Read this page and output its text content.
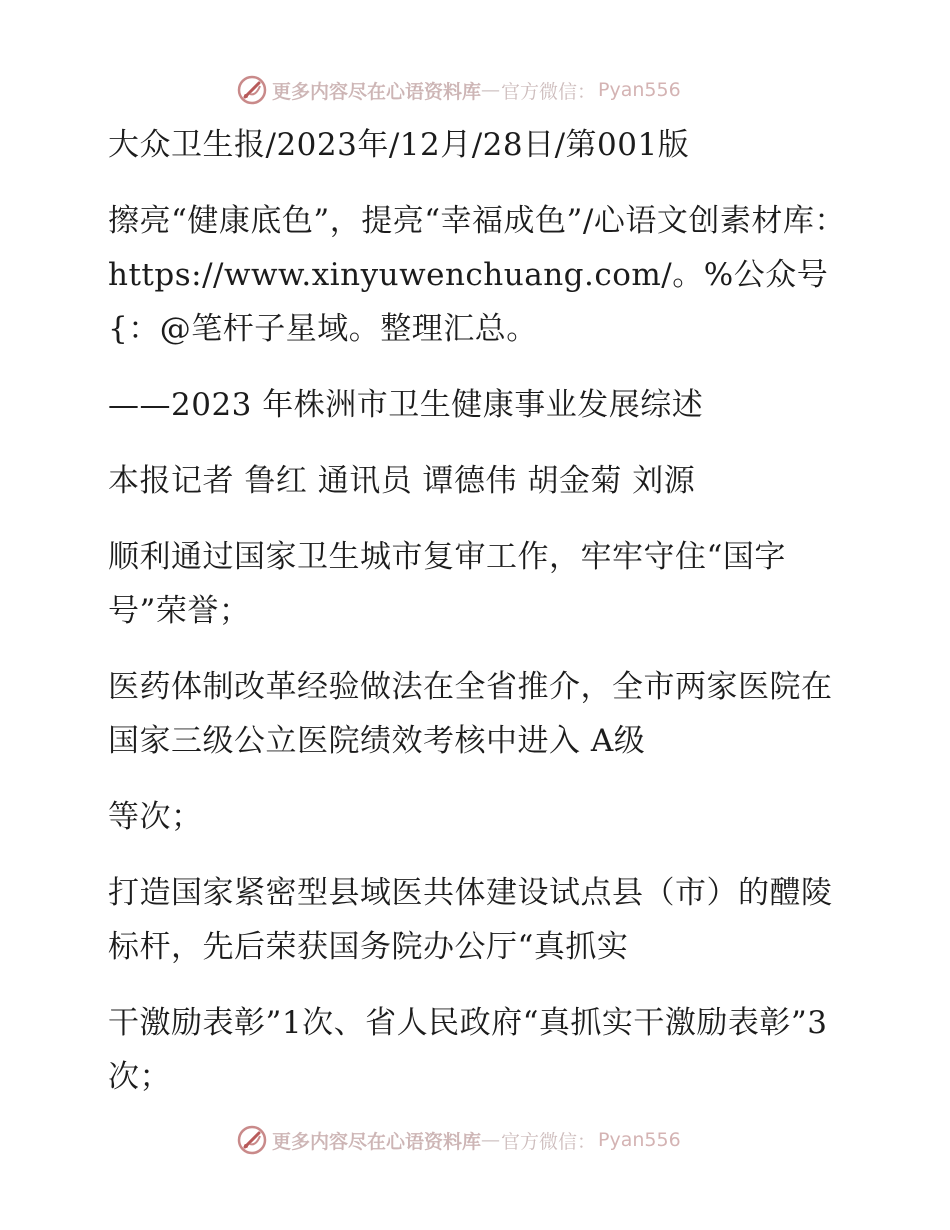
更多内容尽在心语资料库 — 官方微信： Pyan556

大众卫生报/2023年/12月/28日/第001版

擦亮“健康底色”，提亮“幸福成色”/心语文创素材库：https://www.xinyuwenchuang.com/。%公众号{：@笔杆子星域。整理汇总。

——2023 年株洲市卫生健康事业发展综述

本报记者 鲁红 通讯员 谭德伟 胡金菊 刘源

顺利通过国家卫生城市复审工作，牢牢守住“国字号”荣誉；

医药体制改革经验做法在全省推介，全市两家医院在国家三级公立医院绩效考核中进入 A级

等次；

打造国家紧密型县域医共体建设试点县（市）的醴陵标杆，先后荣获国务院办公厅“真抓实

干激励表彰”1次、省人民政府“真抓实干激励表彰”3次；

更多内容尽在心语资料库 — 官方微信： Pyan556
